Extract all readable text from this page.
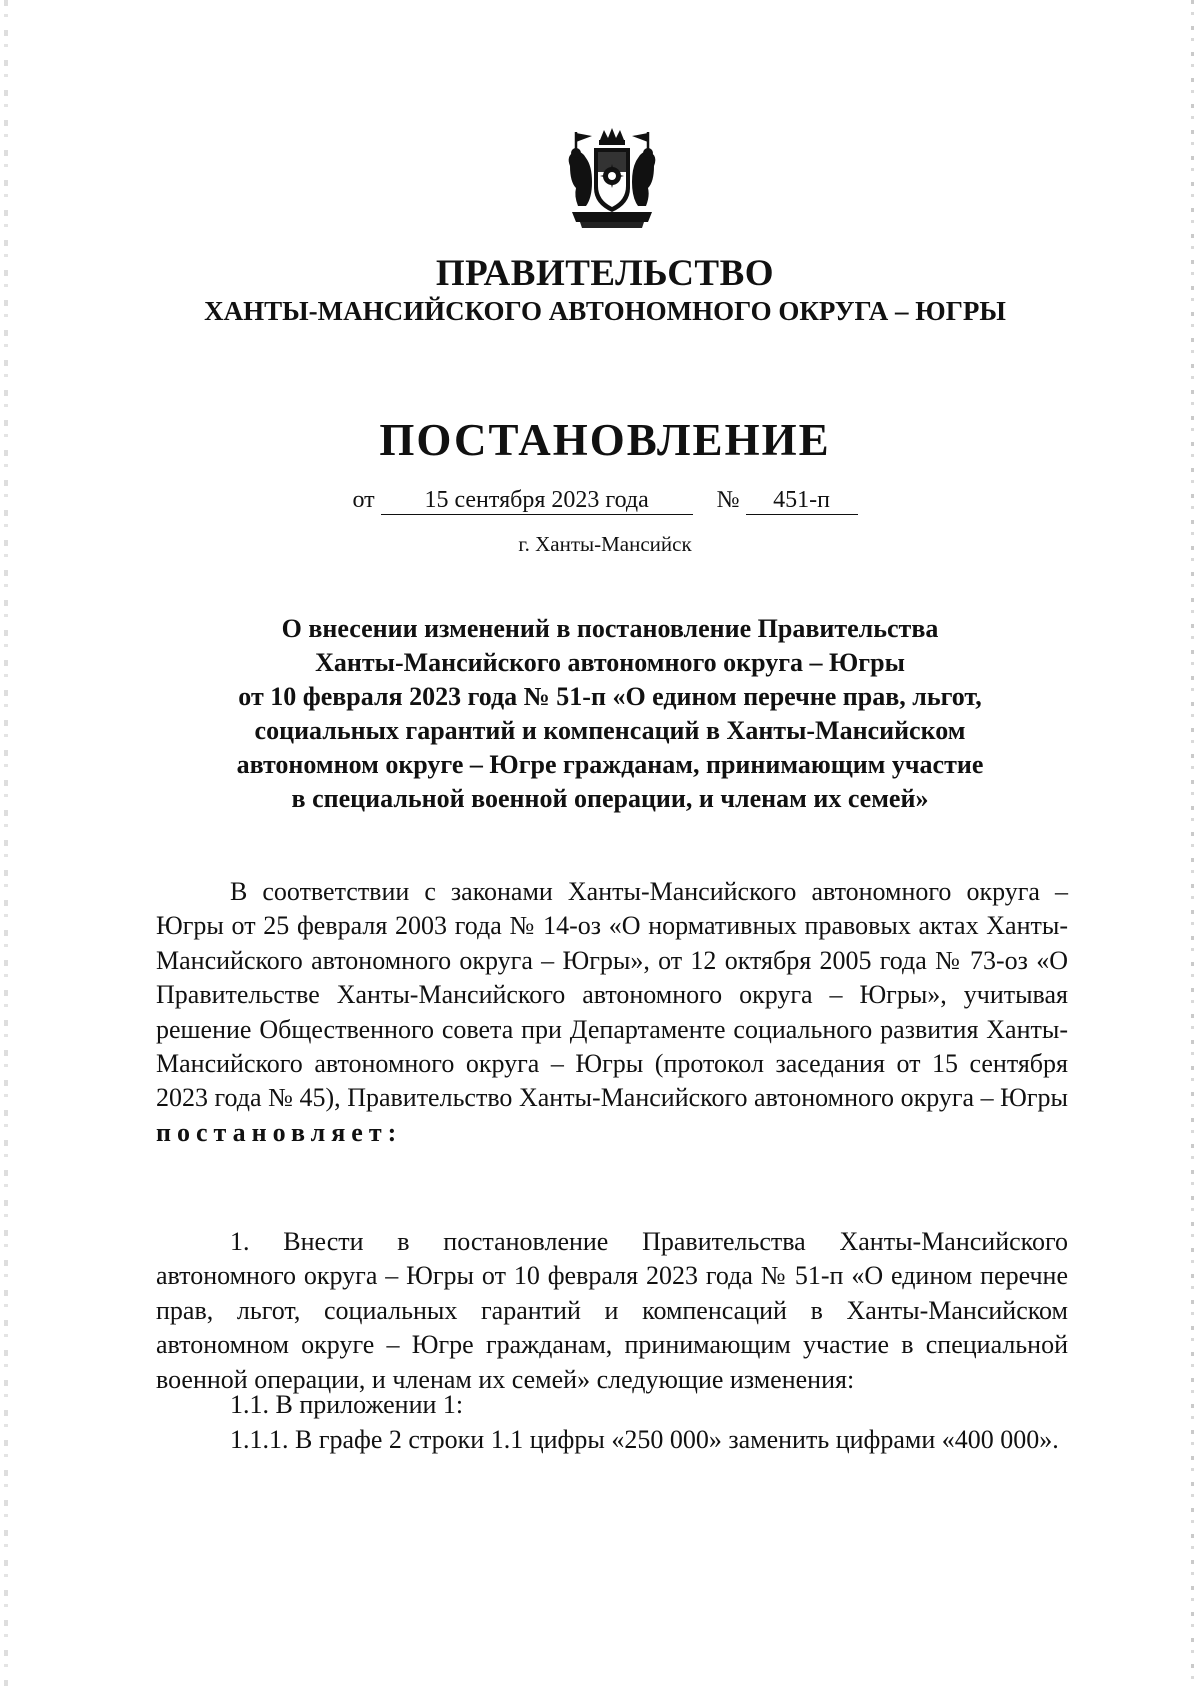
ПРАВИТЕЛЬСТВО
ХАНТЫ-МАНСИЙСКОГО АВТОНОМНОГО ОКРУГА – ЮГРЫ
ПОСТАНОВЛЕНИЕ
от 15 сентября 2023 года	№ 451-п
г. Ханты-Мансийск
О внесении изменений в постановление Правительства
Ханты-Мансийского автономного округа – Югры
от 10 февраля 2023 года № 51-п «О едином перечне прав, льгот,
социальных гарантий и компенсаций в Ханты-Мансийском
автономном округе – Югре гражданам, принимающим участие
в специальной военной операции, и членам их семей»

В соответствии с законами Ханты-Мансийского автономного округа – Югры от 25 февраля 2003 года № 14-оз «О нормативных правовых актах Ханты-Мансийского автономного округа – Югры», от 12 октября 2005 года № 73-оз «О Правительстве Ханты-Мансийского автономного округа – Югры», учитывая решение Общественного совета при Департаменте социального развития Ханты-Мансийского автономного округа – Югры (протокол заседания от 15 сентября 2023 года № 45), Правительство Ханты-Мансийского автономного округа – Югры постановляет:

1. Внести в постановление Правительства Ханты-Мансийского автономного округа – Югры от 10 февраля 2023 года № 51-п «О едином перечне прав, льгот, социальных гарантий и компенсаций в Ханты-Мансийском автономном округе – Югре гражданам, принимающим участие в специальной военной операции, и членам их семей» следующие изменения:

1.1. В приложении 1:

1.1.1. В графе 2 строки 1.1 цифры «250 000» заменить цифрами «400 000».
